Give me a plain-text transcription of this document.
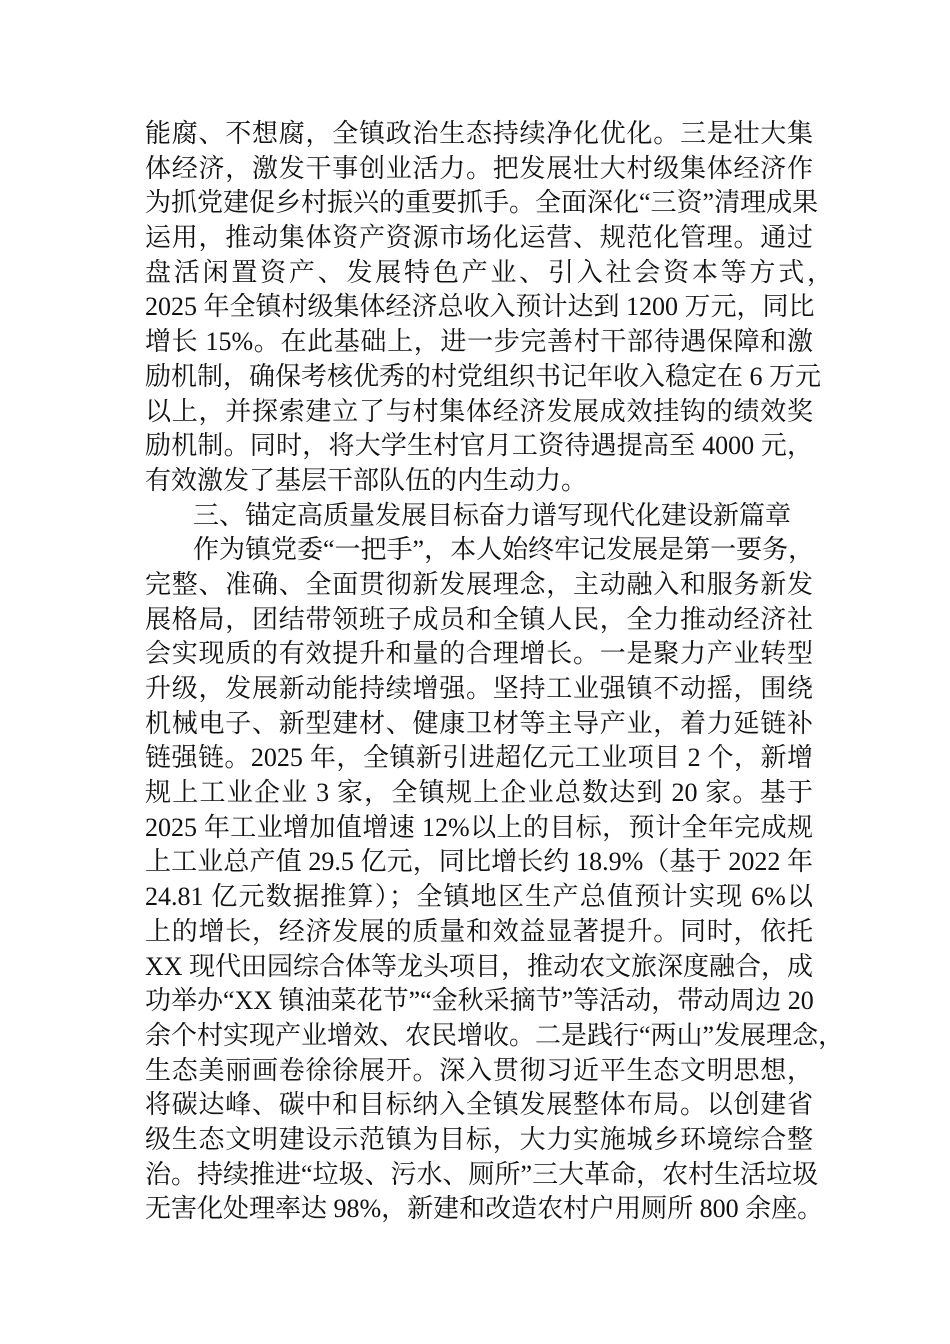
能腐、不想腐，全镇政治生态持续净化优化。三是壮大集
体经济，激发干事创业活力。把发展壮大村级集体经济作
为抓党建促乡村振兴的重要抓手。全面深化“三资”清理成果
运用，推动集体资产资源市场化运营、规范化管理。通过
盘活闲置资产、发展特色产业、引入社会资本等方式，
2025 年全镇村级集体经济总收入预计达到 1200 万元，同比
增长 15%。在此基础上，进一步完善村干部待遇保障和激
励机制，确保考核优秀的村党组织书记年收入稳定在 6 万元
以上，并探索建立了与村集体经济发展成效挂钩的绩效奖
励机制。同时，将大学生村官月工资待遇提高至 4000 元，
有效激发了基层干部队伍的内生动力。
三、锚定高质量发展目标奋力谱写现代化建设新篇章
作为镇党委“一把手”，本人始终牢记发展是第一要务，
完整、准确、全面贯彻新发展理念，主动融入和服务新发
展格局，团结带领班子成员和全镇人民，全力推动经济社
会实现质的有效提升和量的合理增长。一是聚力产业转型
升级，发展新动能持续增强。坚持工业强镇不动摇，围绕
机械电子、新型建材、健康卫材等主导产业，着力延链补
链强链。2025 年，全镇新引进超亿元工业项目 2 个，新增
规上工业企业 3 家，全镇规上企业总数达到 20 家。基于
2025 年工业增加值增速 12%以上的目标，预计全年完成规
上工业总产值 29.5 亿元，同比增长约 18.9%（基于 2022 年
24.81 亿元数据推算）；全镇地区生产总值预计实现 6%以
上的增长，经济发展的质量和效益显著提升。同时，依托
XX 现代田园综合体等龙头项目，推动农文旅深度融合，成
功举办“XX 镇油菜花节”“金秋采摘节”等活动，带动周边 20
余个村实现产业增效、农民增收。二是践行“两山”发展理念，
生态美丽画卷徐徐展开。深入贯彻习近平生态文明思想，
将碳达峰、碳中和目标纳入全镇发展整体布局。以创建省
级生态文明建设示范镇为目标，大力实施城乡环境综合整
治。持续推进“垃圾、污水、厕所”三大革命，农村生活垃圾
无害化处理率达 98%，新建和改造农村户用厕所 800 余座。
